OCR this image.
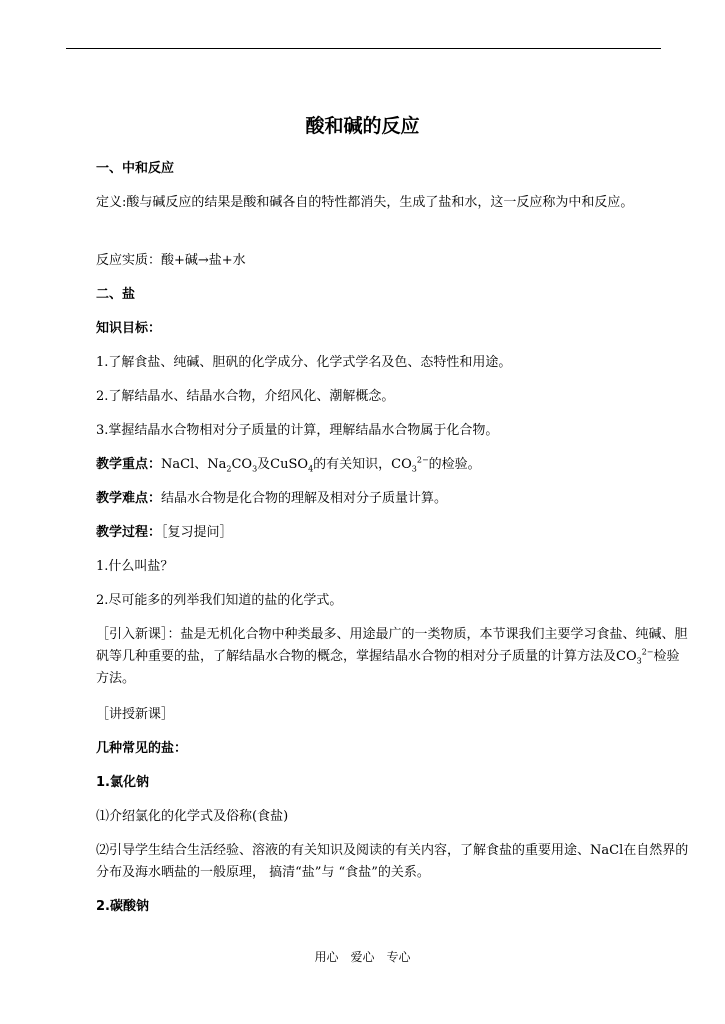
酸和碱的反应
一、中和反应
定义:酸与碱反应的结果是酸和碱各自的特性都消失，生成了盐和水，这一反应称为中和反应。
反应实质：酸+碱→盐+水
二、盐
知识目标：
1.了解食盐、纯碱、胆矾的化学成分、化学式学名及色、态特性和用途。
2.了解结晶水、结晶水合物，介绍风化、潮解概念。
3.掌握结晶水合物相对分子质量的计算，理解结晶水合物属于化合物。
教学重点：NaCl、$Na_2CO_3$及CuSO$_4$的有关知识，$CO_3^{2-}$的检验。
教学难点：结晶水合物是化合物的理解及相对分子质量计算。
教学过程：［复习提问］
1.什么叫盐？
2.尽可能多的列举我们知道的盐的化学式。
［引入新课］：盐是无机化合物中种类最多、用途最广的一类物质，本节课我们主要学习食盐、纯碱、胆矾等几种重要的盐，了解结晶水合物的概念，掌握结晶水合物的相对分子质量的计算方法及$CO_3^{2-}$检验方法。
［讲授新课］
几种常见的盐：
1.氯化钠
⑴介绍氯化的化学式及俗称(食盐)
⑵引导学生结合生活经验、溶液的有关知识及阅读的有关内容，了解食盐的重要用途、NaCl在自然界的分布及海水晒盐的一般原理， 搞清“盐”与 “食盐”的关系。
2.碳酸钠
用心 爱心 专心
